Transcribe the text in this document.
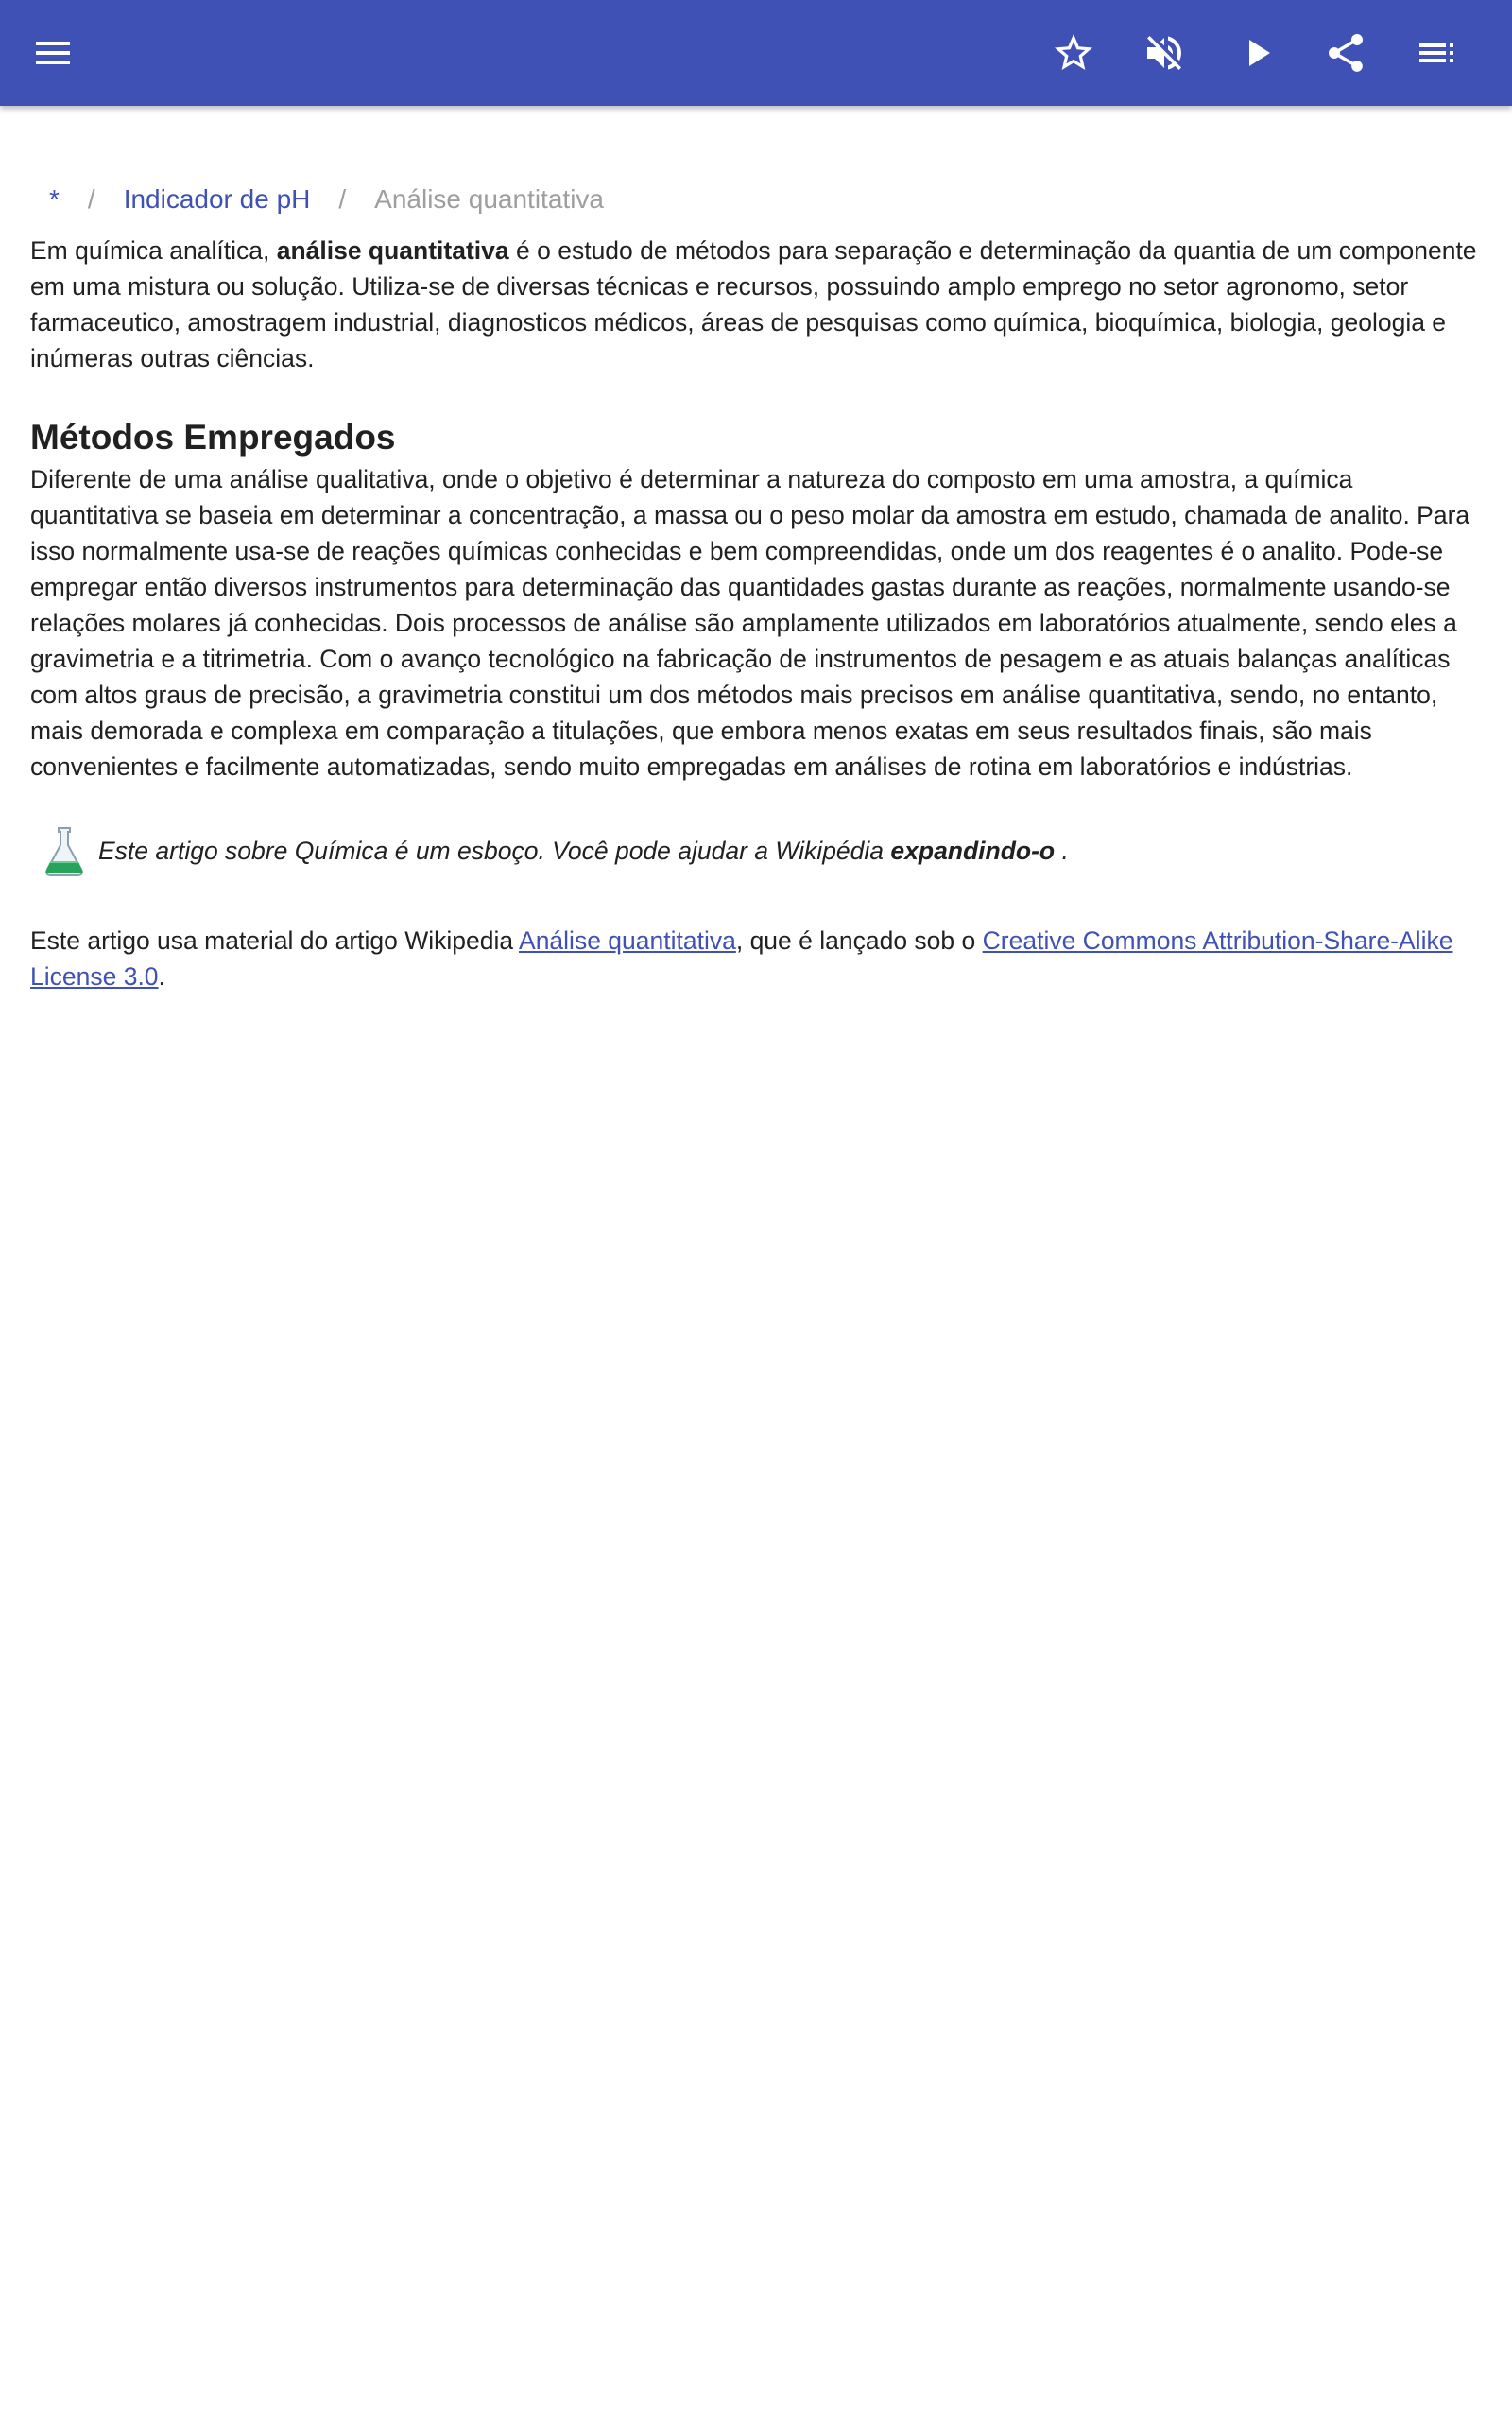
* / Indicador de pH / Análise quantitativa

Em química analítica, análise quantitativa é o estudo de métodos para separação e determinação da quantia de um componente em uma mistura ou solução. Utiliza-se de diversas técnicas e recursos, possuindo amplo emprego no setor agronomo, setor farmaceutico, amostragem industrial, diagnosticos médicos, áreas de pesquisas como química, bioquímica, biologia, geologia e inúmeras outras ciências.

Métodos Empregados

Diferente de uma análise qualitativa, onde o objetivo é determinar a natureza do composto em uma amostra, a química quantitativa se baseia em determinar a concentração, a massa ou o peso molar da amostra em estudo, chamada de analito. Para isso normalmente usa-se de reações químicas conhecidas e bem compreendidas, onde um dos reagentes é o analito. Pode-se empregar então diversos instrumentos para determinação das quantidades gastas durante as reações, normalmente usando-se relações molares já conhecidas. Dois processos de análise são amplamente utilizados em laboratórios atualmente, sendo eles a gravimetria e a titrimetria. Com o avanço tecnológico na fabricação de instrumentos de pesagem e as atuais balanças analíticas com altos graus de precisão, a gravimetria constitui um dos métodos mais precisos em análise quantitativa, sendo, no entanto, mais demorada e complexa em comparação a titulações, que embora menos exatas em seus resultados finais, são mais convenientes e facilmente automatizadas, sendo muito empregadas em análises de rotina em laboratórios e indústrias.

Este artigo sobre Química é um esboço. Você pode ajudar a Wikipédia expandindo-o .

Este artigo usa material do artigo Wikipedia Análise quantitativa, que é lançado sob o Creative Commons Attribution-Share-Alike License 3.0.
